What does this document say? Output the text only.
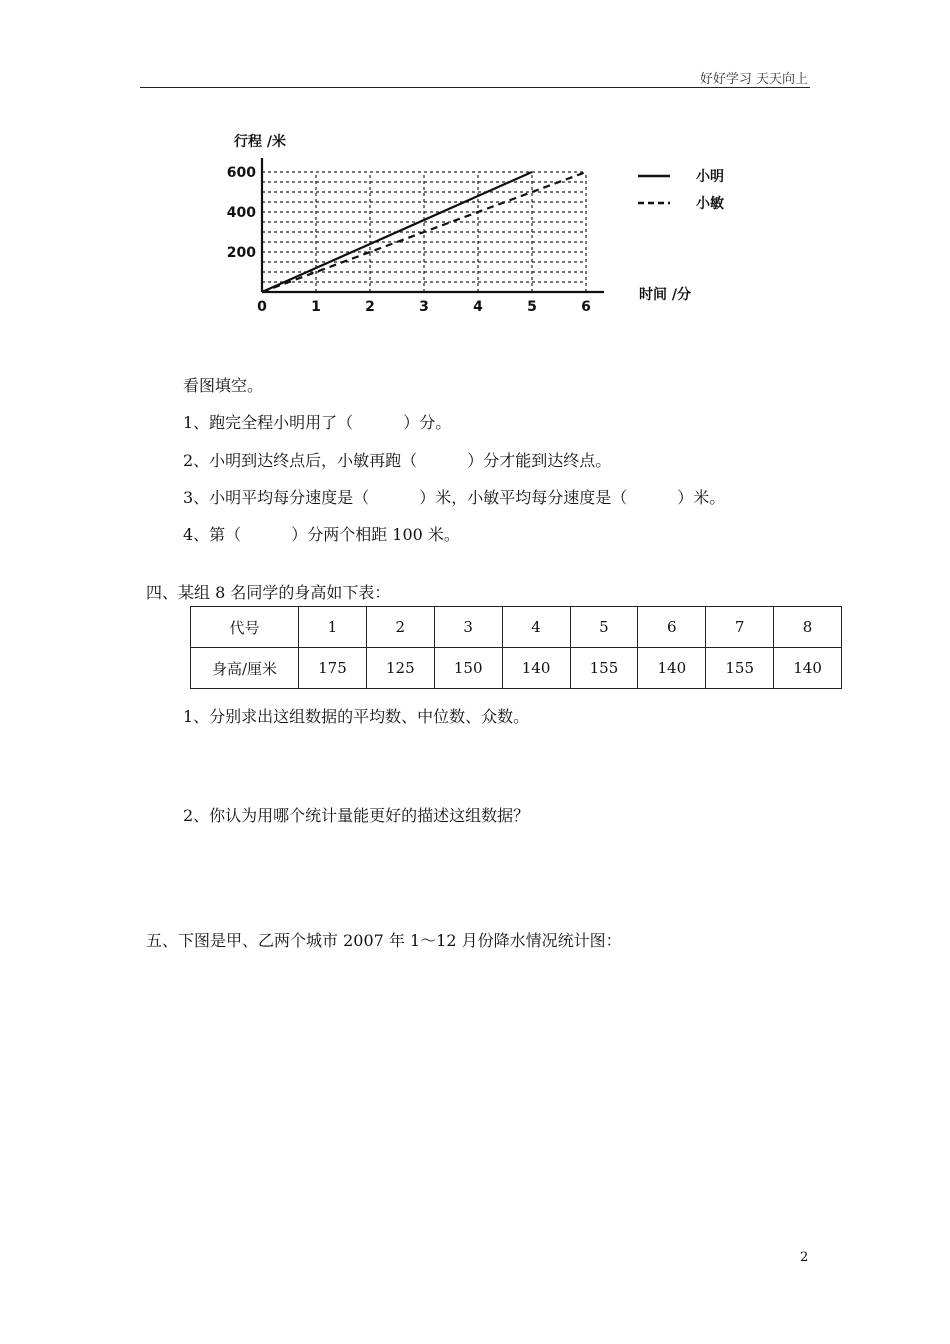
好好学习 天天向上
行程 /米
时间 /分
0	1	2	3	4	5	6
200
400
600	小明
小敏
看图填空。
1、跑完全程小明用了（	）分。
2、小明到达终点后，小敏再跑（	）分才能到达终点。
3、小明平均每分速度是（	）米，小敏平均每分速度是（	）米。
4、第（	）分两个相距 100 米。
四、某组 8 名同学的身高如下表：
代号	1	2	3	4	5	6	7	8
身高/厘米	175	125	150	140	155	140	155	140
1、分别求出这组数据的平均数、中位数、众数。
2、你认为用哪个统计量能更好的描述这组数据？
五、下图是甲、乙两个城市 2007 年 1～12 月份降水情况统计图：
2
